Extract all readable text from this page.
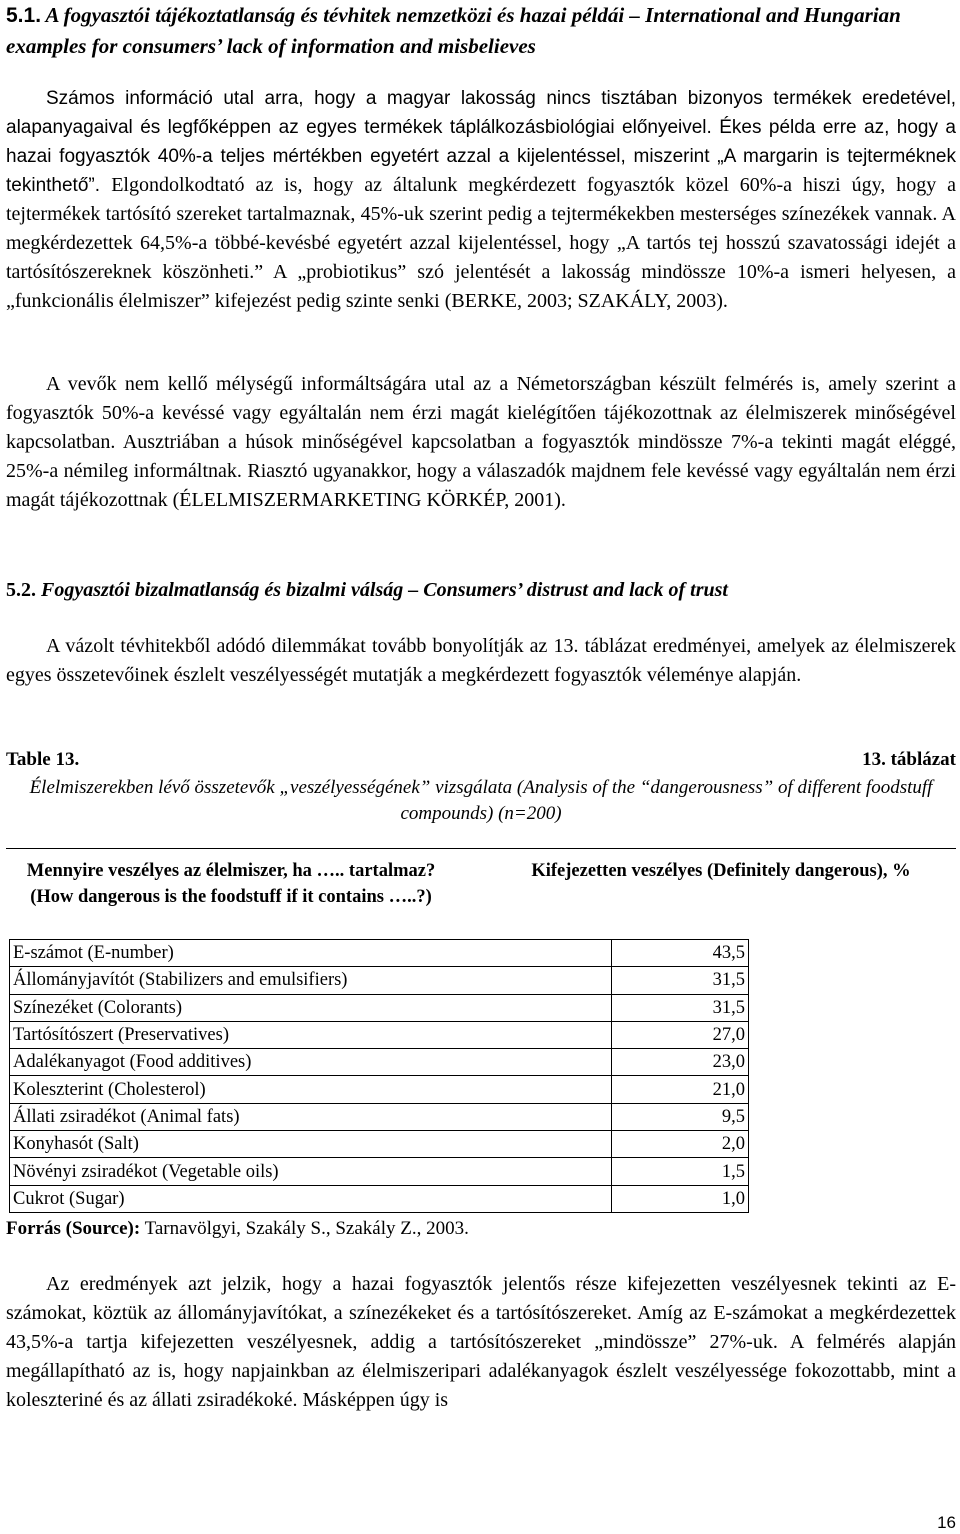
5.1. A fogyasztói tájékoztatlanság és tévhitek nemzetközi és hazai példái – International and Hungarian examples for consumers’ lack of information and misbelieves

Számos információ utal arra, hogy a magyar lakosság nincs tisztában bizonyos termékek eredetével, alapanyagaival és legfőképpen az egyes termékek táplálkozásbiológiai előnyeivel. Ékes példa erre az, hogy a hazai fogyasztók 40%-a teljes mértékben egyetért azzal a kijelentéssel, miszerint „A margarin is tejterméknek tekinthető”. Elgondolkodtató az is, hogy az általunk megkérdezett fogyasztók közel 60%-a hiszi úgy, hogy a tejtermékek tartósító szereket tartalmaznak, 45%-uk szerint pedig a tejtermékekben mesterséges színezékek vannak. A megkérdezettek 64,5%-a többé-kevésbé egyetért azzal kijelentéssel, hogy „A tartós tej hosszú szavatossági idejét a tartósítószereknek köszönheti.” A „probiotikus” szó jelentését a lakosság mindössze 10%-a ismeri helyesen, a „funkcionális élelmiszer” kifejezést pedig szinte senki (BERKE, 2003; SZAKÁLY, 2003).

A vevők nem kellő mélységű informáltságára utal az a Németországban készült felmérés is, amely szerint a fogyasztók 50%-a kevéssé vagy egyáltalán nem érzi magát kielégítően tájékozottnak az élelmiszerek minőségével kapcsolatban. Ausztriában a húsok minőségével kapcsolatban a fogyasztók mindössze 7%-a tekinti magát eléggé, 25%-a némileg informáltnak. Riasztó ugyanakkor, hogy a válaszadók majdnem fele kevéssé vagy egyáltalán nem érzi magát tájékozottnak (ÉLELMISZERMARKETING KÖRKÉP, 2001).

5.2. Fogyasztói bizalmatlanság és bizalmi válság – Consumers’ distrust and lack of trust

A vázolt tévhitekből adódó dilemmákat tovább bonyolítják az 13. táblázat eredményei, amelyek az élelmiszerek egyes összetevőinek észlelt veszélyességét mutatják a megkérdezett fogyasztók véleménye alapján.

Table 13.	13. táblázat
Élelmiszerekben lévő összetevők „veszélyességének” vizsgálata (Analysis of the “dangerousness” of different foodstuff compounds) (n=200)
Mennyire veszélyes az élelmiszer, ha ….. tartalmaz? (How dangerous is the foodstuff if it contains …..?)
Kifejezetten veszélyes (Definitely dangerous), %
E-számot (E-number)	43,5
Állományjavítót (Stabilizers and emulsifiers)	31,5
Színezéket (Colorants)	31,5
Tartósítószert (Preservatives)	27,0
Adalékanyagot (Food additives)	23,0
Koleszterint (Cholesterol)	21,0
Állati zsiradékot (Animal fats)	9,5
Konyhasót (Salt)	2,0
Növényi zsiradékot (Vegetable oils)	1,5
Cukrot (Sugar)	1,0
Forrás (Source): Tarnavölgyi, Szakály S., Szakály Z., 2003.

Az eredmények azt jelzik, hogy a hazai fogyasztók jelentős része kifejezetten veszélyesnek tekinti az E-számokat, köztük az állományjavítókat, a színezékeket és a tartósítószereket. Amíg az E-számokat a megkérdezettek 43,5%-a tartja kifejezetten veszélyesnek, addig a tartósítószereket „mindössze” 27%-uk. A felmérés alapján megállapítható az is, hogy napjainkban az élelmiszeripari adalékanyagok észlelt veszélyessége fokozottabb, mint a koleszteriné és az állati zsiradékoké. Másképpen úgy is

16
